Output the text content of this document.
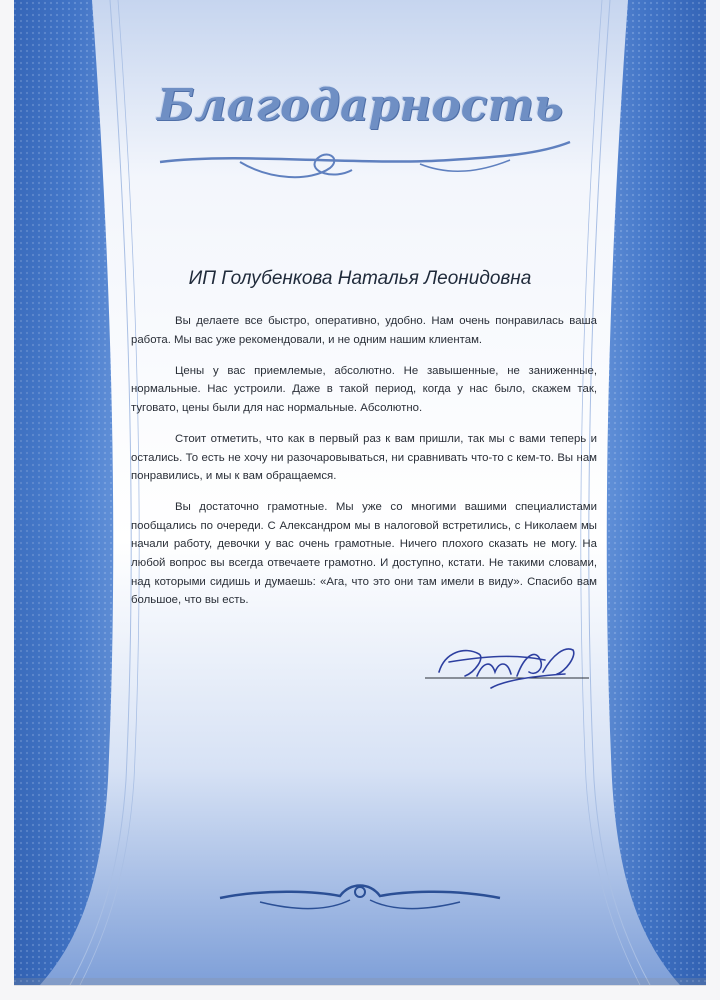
Благодарность
ИП Голубенкова Наталья Леонидовна

Вы делаете все быстро, оперативно, удобно. Нам очень понравилась ваша работа. Мы вас уже рекомендовали, и не одним нашим клиентам.

Цены у вас приемлемые, абсолютно. Не завышенные, не заниженные, нормальные. Нас устроили. Даже в такой период, когда у нас было, скажем так, туговато, цены были для нас нормальные. Абсолютно.

Стоит отметить, что как в первый раз к вам пришли, так мы с вами теперь и остались. То есть не хочу ни разочаровываться, ни сравнивать что-то с кем-то. Вы нам понравились, и мы к вам обращаемся.

Вы достаточно грамотные. Мы уже со многими вашими специалистами пообщались по очереди. С Александром мы в налоговой встретились, с Николаем мы начали работу, девочки у вас очень грамотные. Ничего плохого сказать не могу. На любой вопрос вы всегда отвечаете грамотно. И доступно, кстати. Не такими словами, над которыми сидишь и думаешь: «Ага, что это они там имели в виду». Спасибо вам большое, что вы есть.
